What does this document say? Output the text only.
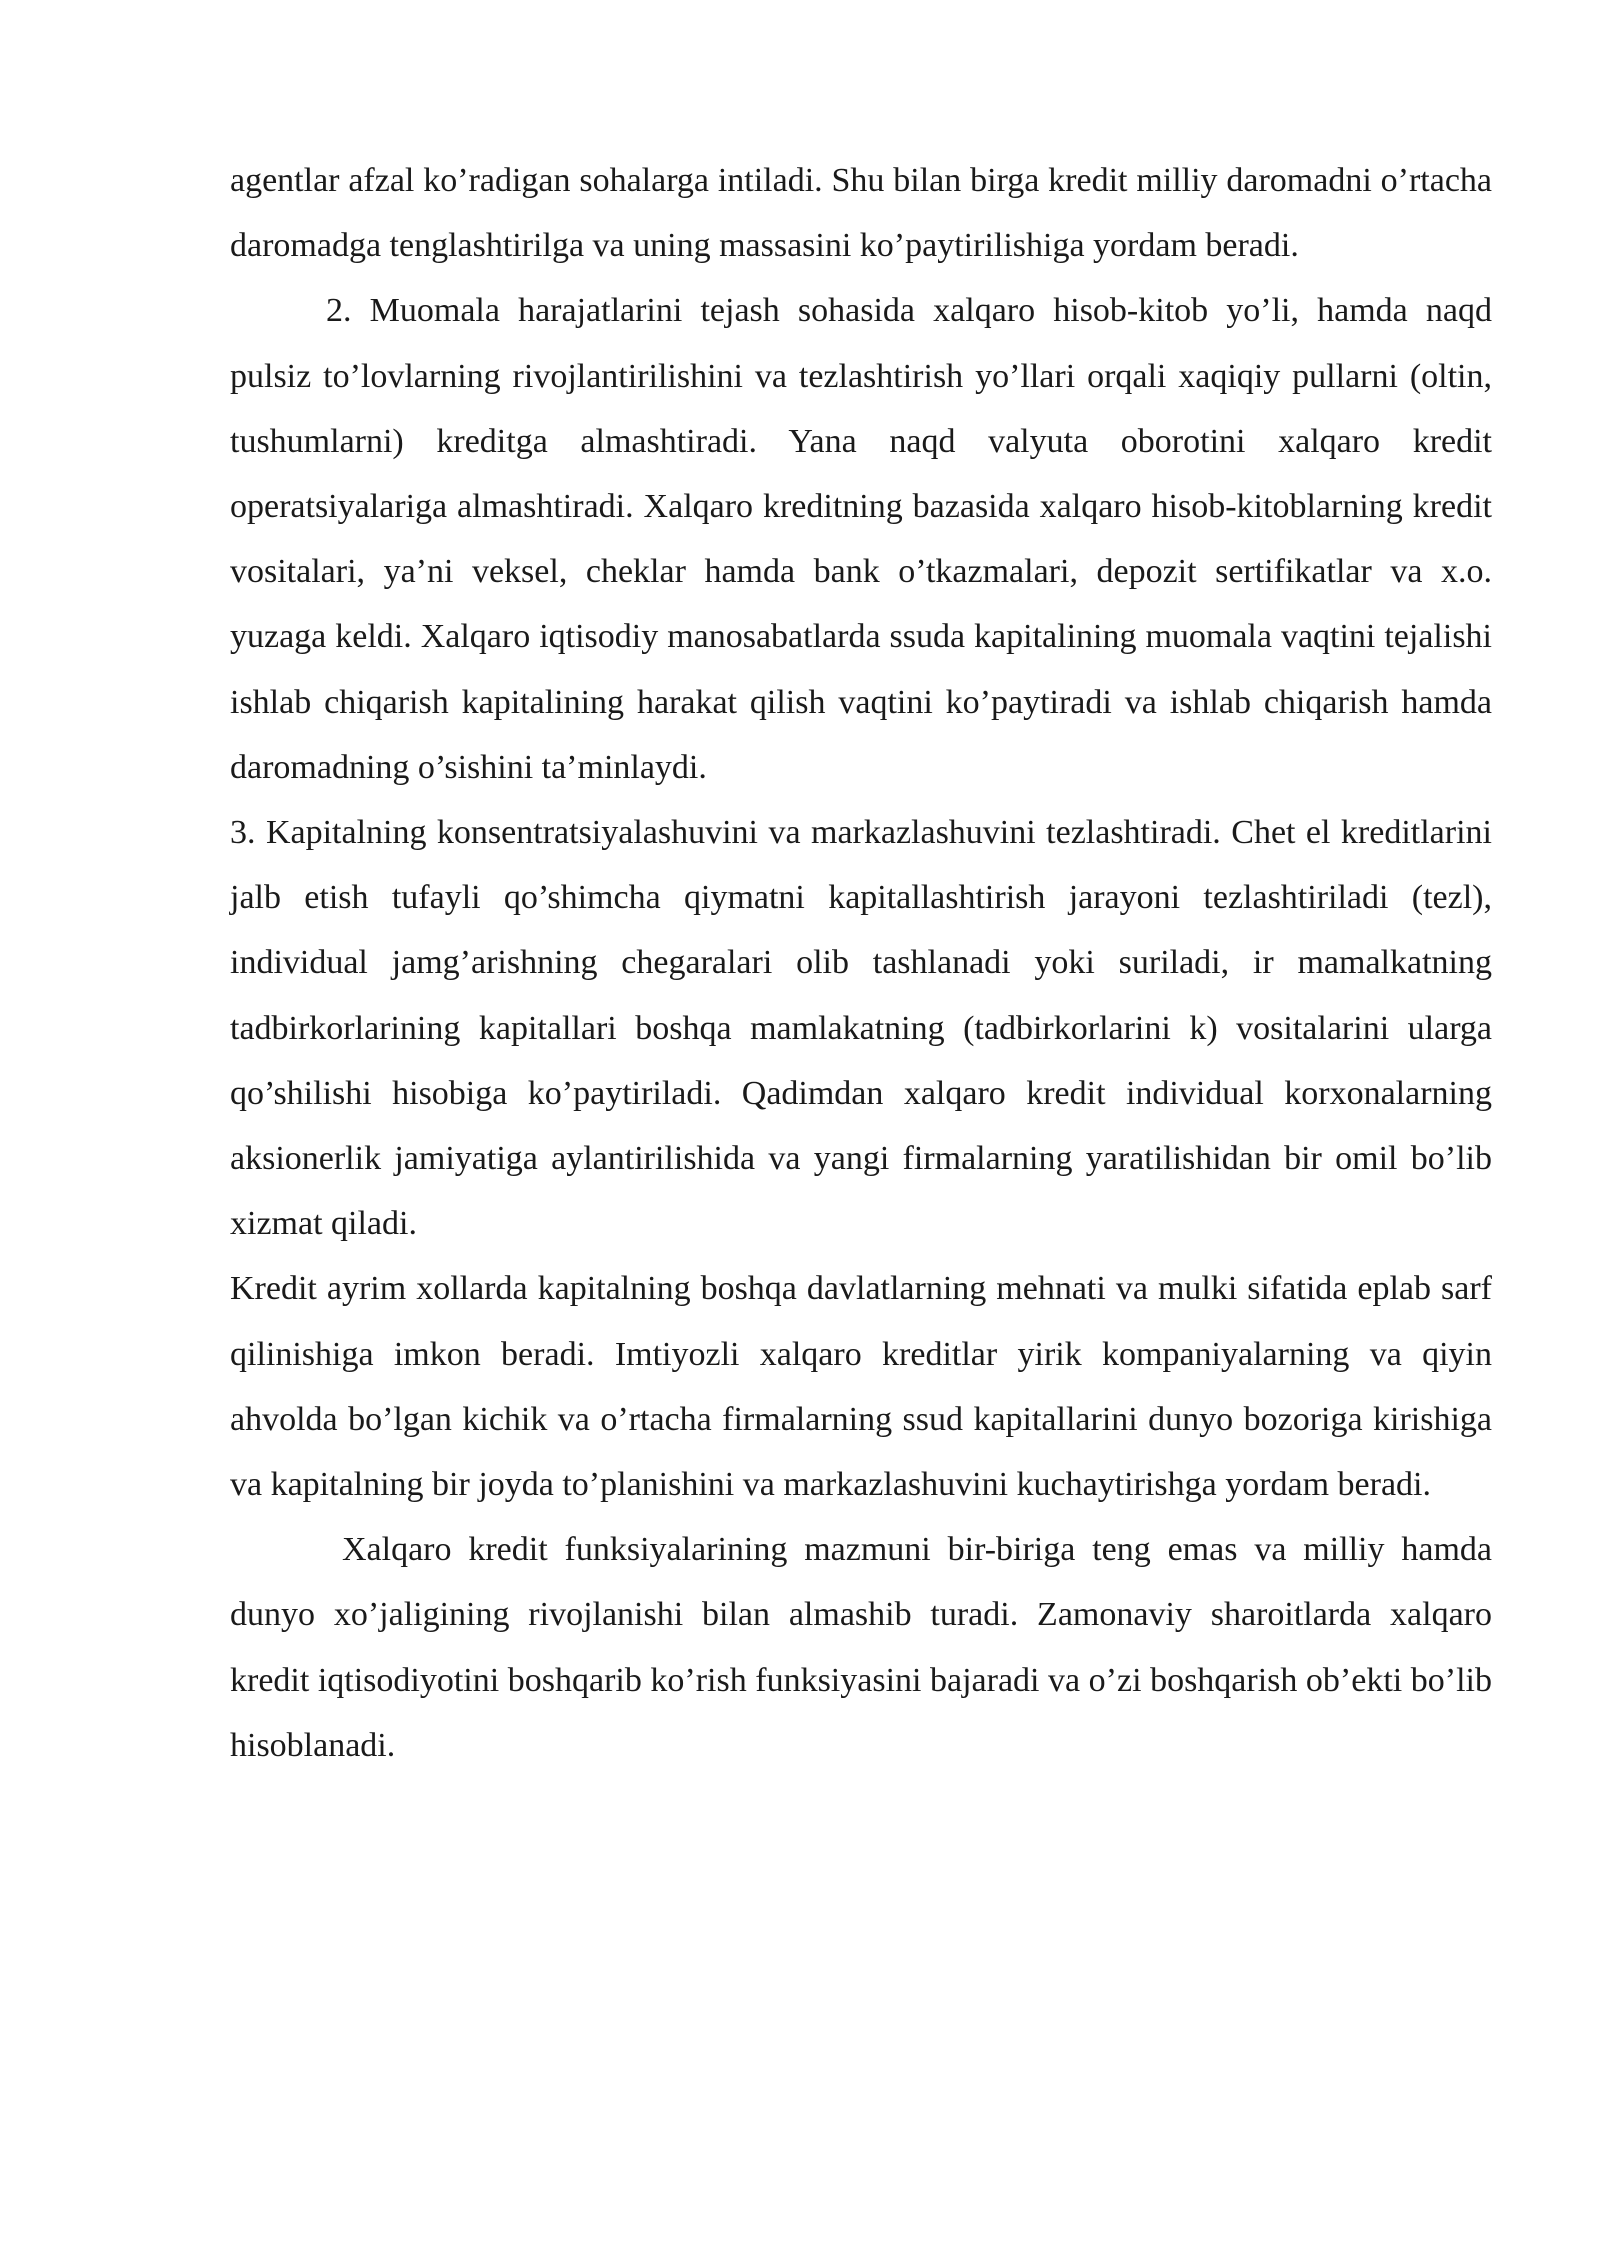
agentlar afzal ko’radigan sohalarga intiladi. Shu bilan birga kredit milliy daromadni o’rtacha daromadga tenglashtirilga va uning massasini ko’paytirilishiga yordam beradi.

2. Muomala harajatlarini tejash sohasida xalqaro hisob-kitob yo’li, hamda naqd pulsiz to’lovlarning rivojlantirilishini va tezlashtirish yo’llari orqali xaqiqiy pullarni (oltin, tushumlarni) kreditga almashtiradi. Yana naqd valyuta oborotini xalqaro kredit operatsiyalariga almashtiradi. Xalqaro kreditning bazasida xalqaro hisob-kitoblarning kredit vositalari, ya’ni veksel, cheklar hamda bank o’tkazmalari, depozit sertifikatlar va x.o. yuzaga keldi. Xalqaro iqtisodiy manosabatlarda ssuda kapitalining muomala vaqtini tejalishi ishlab chiqarish kapitalining harakat qilish vaqtini ko’paytiradi va ishlab chiqarish hamda daromadning o’sishini ta’minlaydi.

3. Kapitalning konsentratsiyalashuvini va markazlashuvini tezlashtiradi. Chet el kreditlarini jalb etish tufayli qo’shimcha qiymatni kapitallashtirish jarayoni tezlashtiriladi (tezl), individual jamg’arishning chegaralari olib tashlanadi yoki suriladi, ir mamalkatning tadbirkorlarining kapitallari boshqa mamlakatning (tadbirkorlarini k) vositalarini ularga qo’shilishi hisobiga ko’paytiriladi. Qadimdan xalqaro kredit individual korxonalarning aksionerlik jamiyatiga aylantirilishida va yangi firmalarning yaratilishidan bir omil bo’lib xizmat qiladi.

Kredit ayrim xollarda kapitalning boshqa davlatlarning mehnati va mulki sifatida eplab sarf qilinishiga imkon beradi. Imtiyozli xalqaro kreditlar yirik kompaniyalarning va qiyin ahvolda bo’lgan kichik va o’rtacha firmalarning ssud kapitallarini dunyo bozoriga kirishiga va kapitalning bir joyda to’planishini va markazlashuvini kuchaytirishga yordam beradi.

Xalqaro kredit funksiyalarining mazmuni bir-biriga teng emas va milliy hamda dunyo xo’jaligining rivojlanishi bilan almashib turadi. Zamonaviy sharoitlarda xalqaro kredit iqtisodiyotini boshqarib ko’rish funksiyasini bajaradi va o’zi boshqarish ob’ekti bo’lib hisoblanadi.
